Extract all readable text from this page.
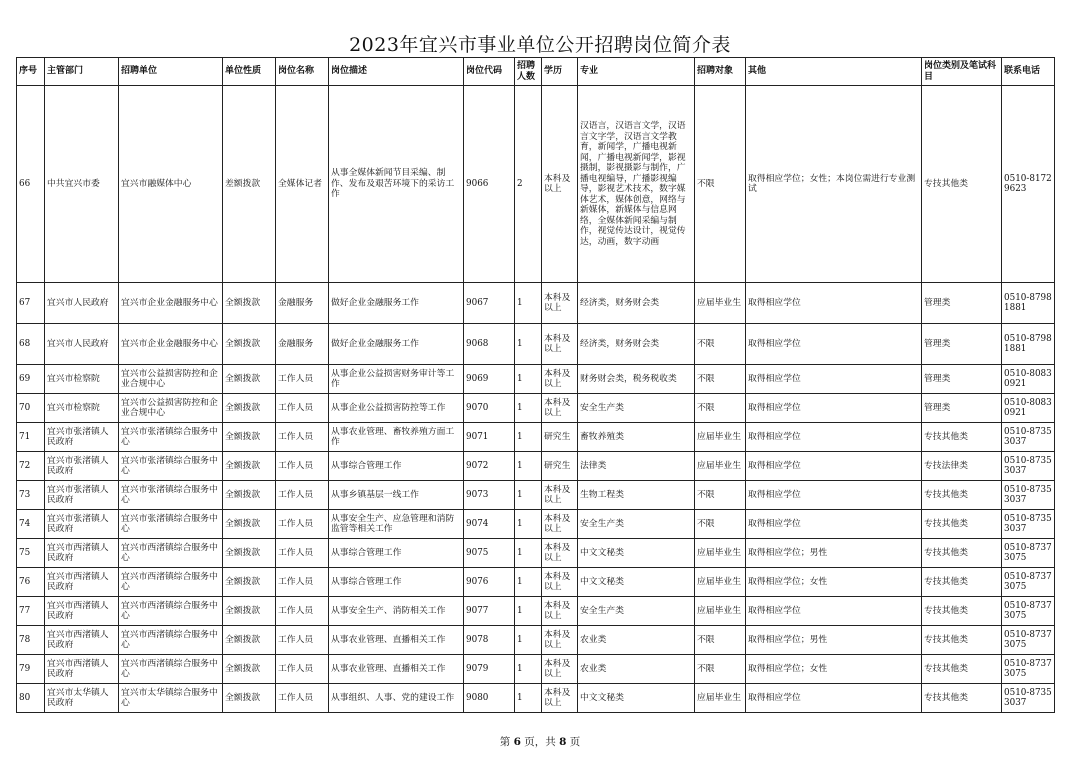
2023年宜兴市事业单位公开招聘岗位简介表
序号	主管部门	招聘单位	单位性质	岗位名称	岗位描述	岗位代码	招聘人数	学历	专业	招聘对象	其他	岗位类别及笔试科目	联系电话
66	中共宜兴市委	宜兴市融媒体中心	差额拨款	全媒体记者	从事全媒体新闻节目采编、制作、发布及艰苦环境下的采访工作	9066	2	本科及以上	汉语言，汉语言文学，汉语言文字学，汉语言文学教育，新闻学，广播电视新闻，广播电视新闻学，影视摄制，影视摄影与制作，广播电视编导，广播影视编导，影视艺术技术，数字媒体艺术，媒体创意，网络与新媒体，新媒体与信息网络，全媒体新闻采编与制作，视觉传达设计，视觉传达，动画，数字动画	不限	取得相应学位；女性；本岗位需进行专业测试	专技其他类	0510-81729623
67	宜兴市人民政府	宜兴市企业金融服务中心	全额拨款	金融服务	做好企业金融服务工作	9067	1	本科及以上	经济类，财务财会类	应届毕业生	取得相应学位	管理类	0510-87981881
68	宜兴市人民政府	宜兴市企业金融服务中心	全额拨款	金融服务	做好企业金融服务工作	9068	1	本科及以上	经济类，财务财会类	不限	取得相应学位	管理类	0510-87981881
69	宜兴市检察院	宜兴市公益损害防控和企业合规中心	全额拨款	工作人员	从事企业公益损害财务审计等工作	9069	1	本科及以上	财务财会类，税务税收类	不限	取得相应学位	管理类	0510-80830921
70	宜兴市检察院	宜兴市公益损害防控和企业合规中心	全额拨款	工作人员	从事企业公益损害防控等工作	9070	1	本科及以上	安全生产类	不限	取得相应学位	管理类	0510-80830921
71	宜兴市张渚镇人民政府	宜兴市张渚镇综合服务中心	全额拨款	工作人员	从事农业管理、畜牧养殖方面工作	9071	1	研究生	畜牧养殖类	应届毕业生	取得相应学位	专技其他类	0510-87353037
72	宜兴市张渚镇人民政府	宜兴市张渚镇综合服务中心	全额拨款	工作人员	从事综合管理工作	9072	1	研究生	法律类	应届毕业生	取得相应学位	专技法律类	0510-87353037
73	宜兴市张渚镇人民政府	宜兴市张渚镇综合服务中心	全额拨款	工作人员	从事乡镇基层一线工作	9073	1	本科及以上	生物工程类	不限	取得相应学位	专技其他类	0510-87353037
74	宜兴市张渚镇人民政府	宜兴市张渚镇综合服务中心	全额拨款	工作人员	从事安全生产、应急管理和消防监管等相关工作	9074	1	本科及以上	安全生产类	不限	取得相应学位	专技其他类	0510-87353037
75	宜兴市西渚镇人民政府	宜兴市西渚镇综合服务中心	全额拨款	工作人员	从事综合管理工作	9075	1	本科及以上	中文文秘类	应届毕业生	取得相应学位；男性	专技其他类	0510-87373075
76	宜兴市西渚镇人民政府	宜兴市西渚镇综合服务中心	全额拨款	工作人员	从事综合管理工作	9076	1	本科及以上	中文文秘类	应届毕业生	取得相应学位；女性	专技其他类	0510-87373075
77	宜兴市西渚镇人民政府	宜兴市西渚镇综合服务中心	全额拨款	工作人员	从事安全生产、消防相关工作	9077	1	本科及以上	安全生产类	应届毕业生	取得相应学位	专技其他类	0510-87373075
78	宜兴市西渚镇人民政府	宜兴市西渚镇综合服务中心	全额拨款	工作人员	从事农业管理、直播相关工作	9078	1	本科及以上	农业类	不限	取得相应学位；男性	专技其他类	0510-87373075
79	宜兴市西渚镇人民政府	宜兴市西渚镇综合服务中心	全额拨款	工作人员	从事农业管理、直播相关工作	9079	1	本科及以上	农业类	不限	取得相应学位；女性	专技其他类	0510-87373075
80	宜兴市太华镇人民政府	宜兴市太华镇综合服务中心	全额拨款	工作人员	从事组织、人事、党的建设工作	9080	1	本科及以上	中文文秘类	应届毕业生	取得相应学位	专技其他类	0510-87353037
第 6 页，共 8 页
